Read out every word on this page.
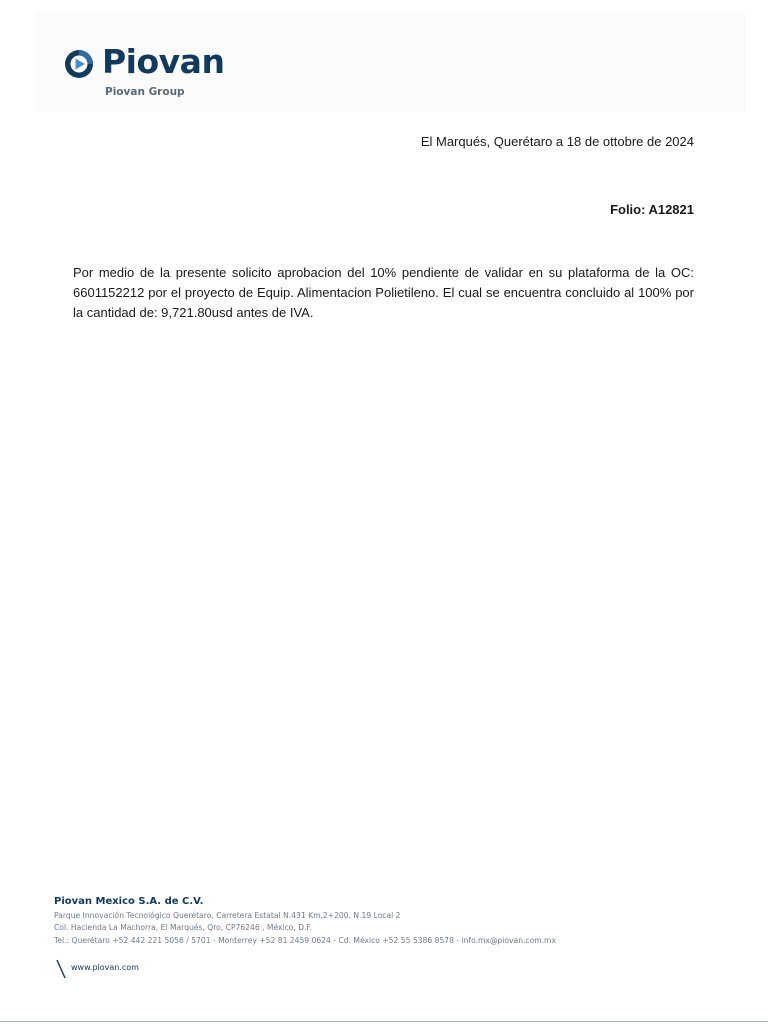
Piovan
Piovan Group
El Marqués, Querétaro a 18 de ottobre de 2024
Folio: A12821

Por medio de la presente solicito aprobacion del 10% pendiente de validar en su plataforma de la OC: 6601152212 por el proyecto de Equip. Alimentacion Polietileno. El cual se encuentra concluido al 100% por la cantidad de: 9,721.80usd antes de IVA.

Piovan Mexico S.A. de C.V.
Parque Innovación Tecnológico Querétaro, Carretera Estatal N.431 Km.2+200, N.19 Local 2
Col. Hacienda La Machorra, El Marqués, Qro, CP76246 , México, D.F.
Tel.: Querétaro +52 442 221 5056 / 5701 - Monterrey +52 81 2459 0624 - Cd. México +52 55 5386 8578 - info.mx@piovan.com.mx
www.piovan.com
